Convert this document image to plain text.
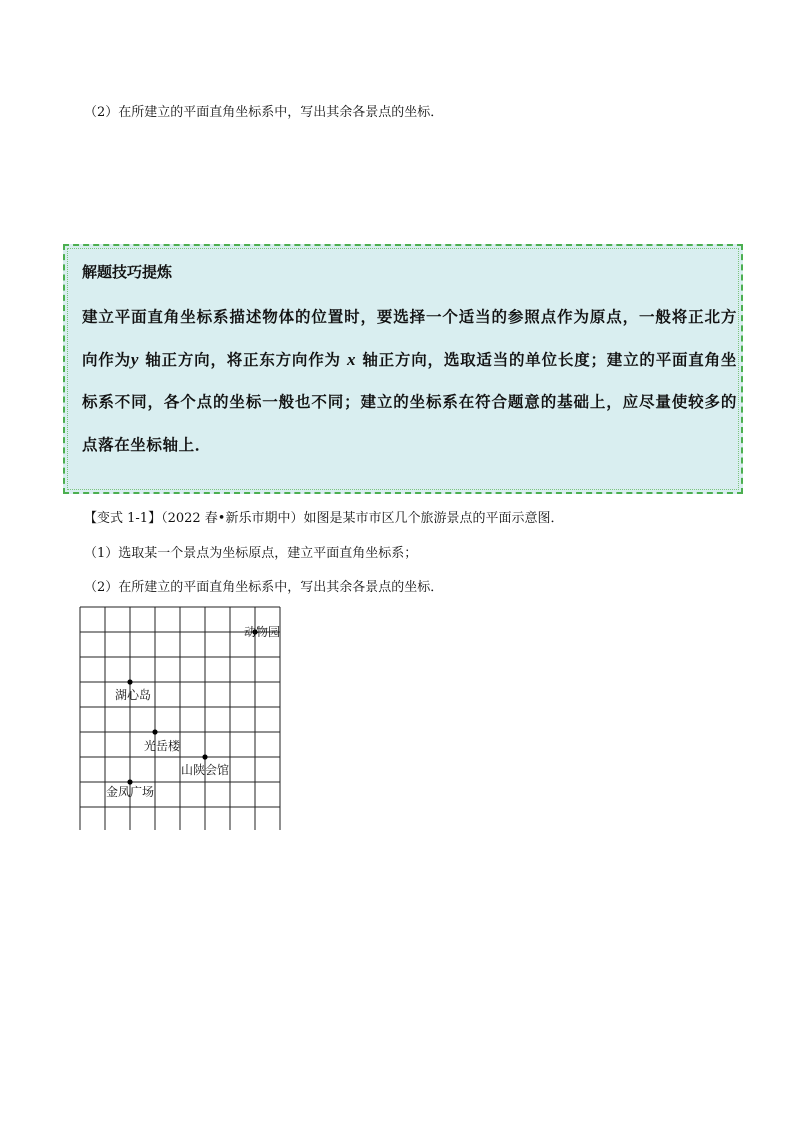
（2）在所建立的平面直角坐标系中，写出其余各景点的坐标．
解题技巧提炼
建立平面直角坐标系描述物体的位置时，要选择一个适当的参照点作为原点，一般将正北方向作为y 轴正方向，将正东方向作为 x 轴正方向，选取适当的单位长度；建立的平面直角坐标系不同，各个点的坐标一般也不同；建立的坐标系在符合题意的基础上，应尽量使较多的点落在坐标轴上．
【变式 1-1】（2022 春•新乐市期中）如图是某市市区几个旅游景点的平面示意图．
（1）选取某一个景点为坐标原点，建立平面直角坐标系；
（2）在所建立的平面直角坐标系中，写出其余各景点的坐标．
动物园
湖心岛
光岳楼
山陕会馆
金凤广场
